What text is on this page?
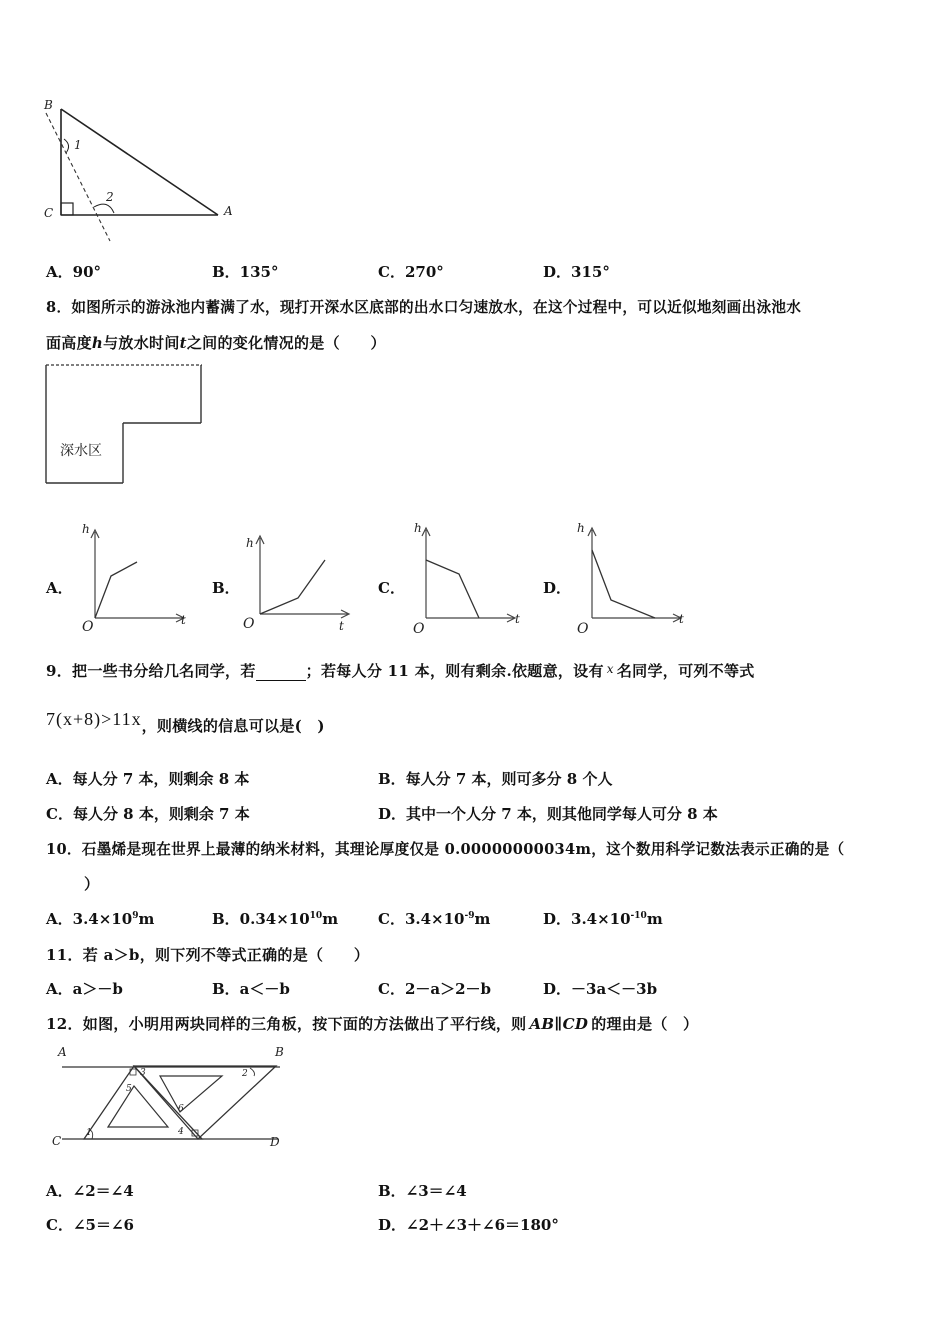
B
C	A
1
2
A．90°	B．135°	C．270°	D．315°
8．如图所示的游泳池内蓄满了水，现打开深水区底部的出水口匀速放水，在这个过程中，可以近似地刻画出泳池水
面高度h与放水时间t之间的变化情况的是（　　）
深水区
A．	B．	C．	D．
h
t
O
h
t
O
h
t
O
h
t
O
9．把一些书分给几名同学，若	；若每人分 11 本，则有剩余.依题意，设有 $^x$ 名同学，可列不等式
7(x+8)>11x，则横线的信息可以是(　)
A．每人分 7 本，则剩余 8 本	B．每人分 7 本，则可多分 8 个人
C．每人分 8 本，则剩余 7 本	D．其中一个人分 7 本，则其他同学每人可分 8 本
10．石墨烯是现在世界上最薄的纳米材料，其理论厚度仅是 0.00000000034m，这个数用科学记数法表示正确的是（
）
A．$3.4\times 10^9m$	B．$0.34\times 10^{10}m$	C．$3.4\times 10^{-9}m$	D．$3.4\times 10^{-10}m$
11．若 a＞b，则下列不等式正确的是（　　）
A．a＞－b	B．a＜－b	C．2－a＞2－b	D．－3a＜－3b
12．如图，小明用两块同样的三角板，按下面的方法做出了平行线，则 AB∥CD 的理由是（　）
A	B
C	D
1
2
3
4
5
6
A．∠2＝∠4	B．∠3＝∠4
C．∠5＝∠6	D．∠2＋∠3＋∠6＝180°
